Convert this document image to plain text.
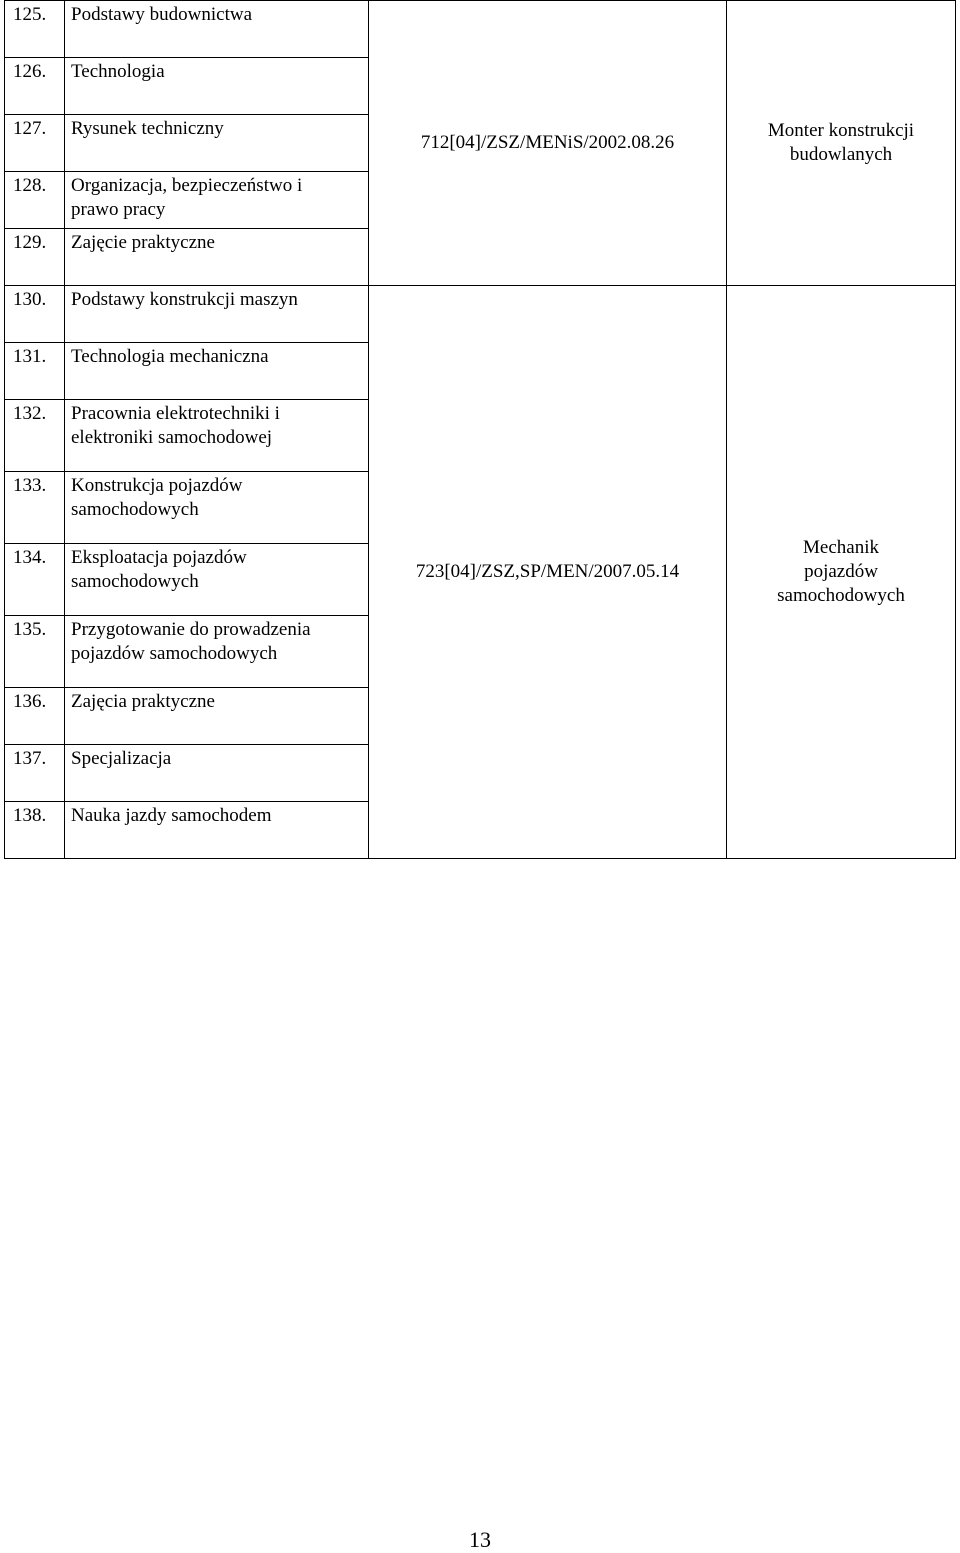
125.	Podstawy budownictwa	712[04]/ZSZ/MENiS/2002.08.26	Monter konstrukcji budowlanych

126.	Technologia		

127.	Rysunek techniczny		

128.	Organizacja, bezpieczeństwo i prawo pracy		

129.	Zajęcie praktyczne		

130.	Podstawy konstrukcji maszyn	723[04]/ZSZ,SP/MEN/2007.05.14	Mechanik pojazdów samochodowych

131.	Technologia mechaniczna		

132.	Pracownia elektrotechniki i elektroniki samochodowej		

133.	Konstrukcja pojazdów samochodowych		

134.	Eksploatacja pojazdów samochodowych		

135.	Przygotowanie do prowadzenia pojazdów samochodowych		

136.	Zajęcia praktyczne		

137.	Specjalizacja		

138.	Nauka jazdy samochodem		
13
